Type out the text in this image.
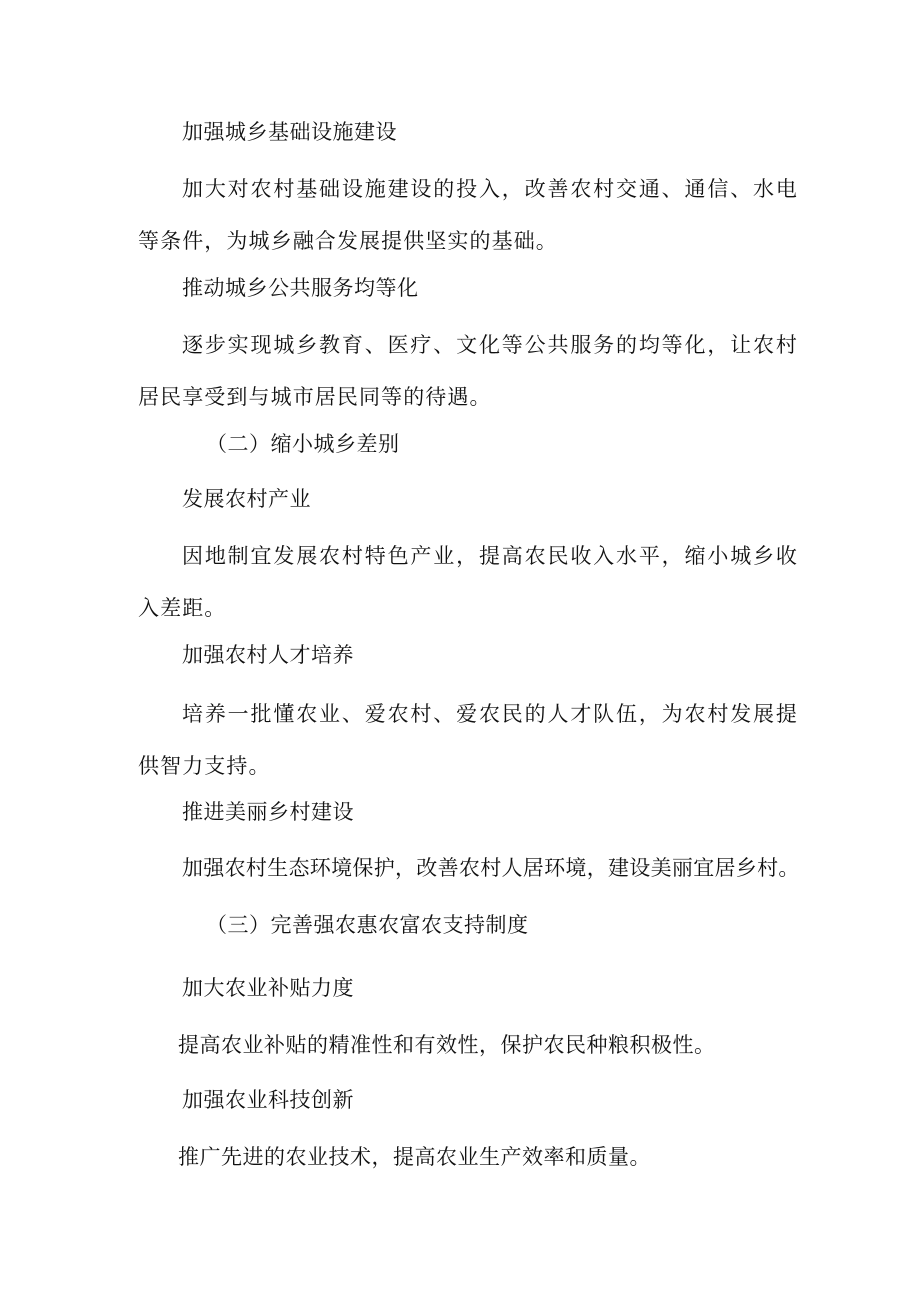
加强城乡基础设施建设
加大对农村基础设施建设的投入，改善农村交通、通信、水电等条件，为城乡融合发展提供坚实的基础。
推动城乡公共服务均等化
逐步实现城乡教育、医疗、文化等公共服务的均等化，让农村居民享受到与城市居民同等的待遇。
（二）缩小城乡差别
发展农村产业
因地制宜发展农村特色产业，提高农民收入水平，缩小城乡收入差距。
加强农村人才培养
培养一批懂农业、爱农村、爱农民的人才队伍，为农村发展提供智力支持。
推进美丽乡村建设
加强农村生态环境保护，改善农村人居环境，建设美丽宜居乡村。
（三）完善强农惠农富农支持制度
加大农业补贴力度
提高农业补贴的精准性和有效性，保护农民种粮积极性。
加强农业科技创新
推广先进的农业技术，提高农业生产效率和质量。
